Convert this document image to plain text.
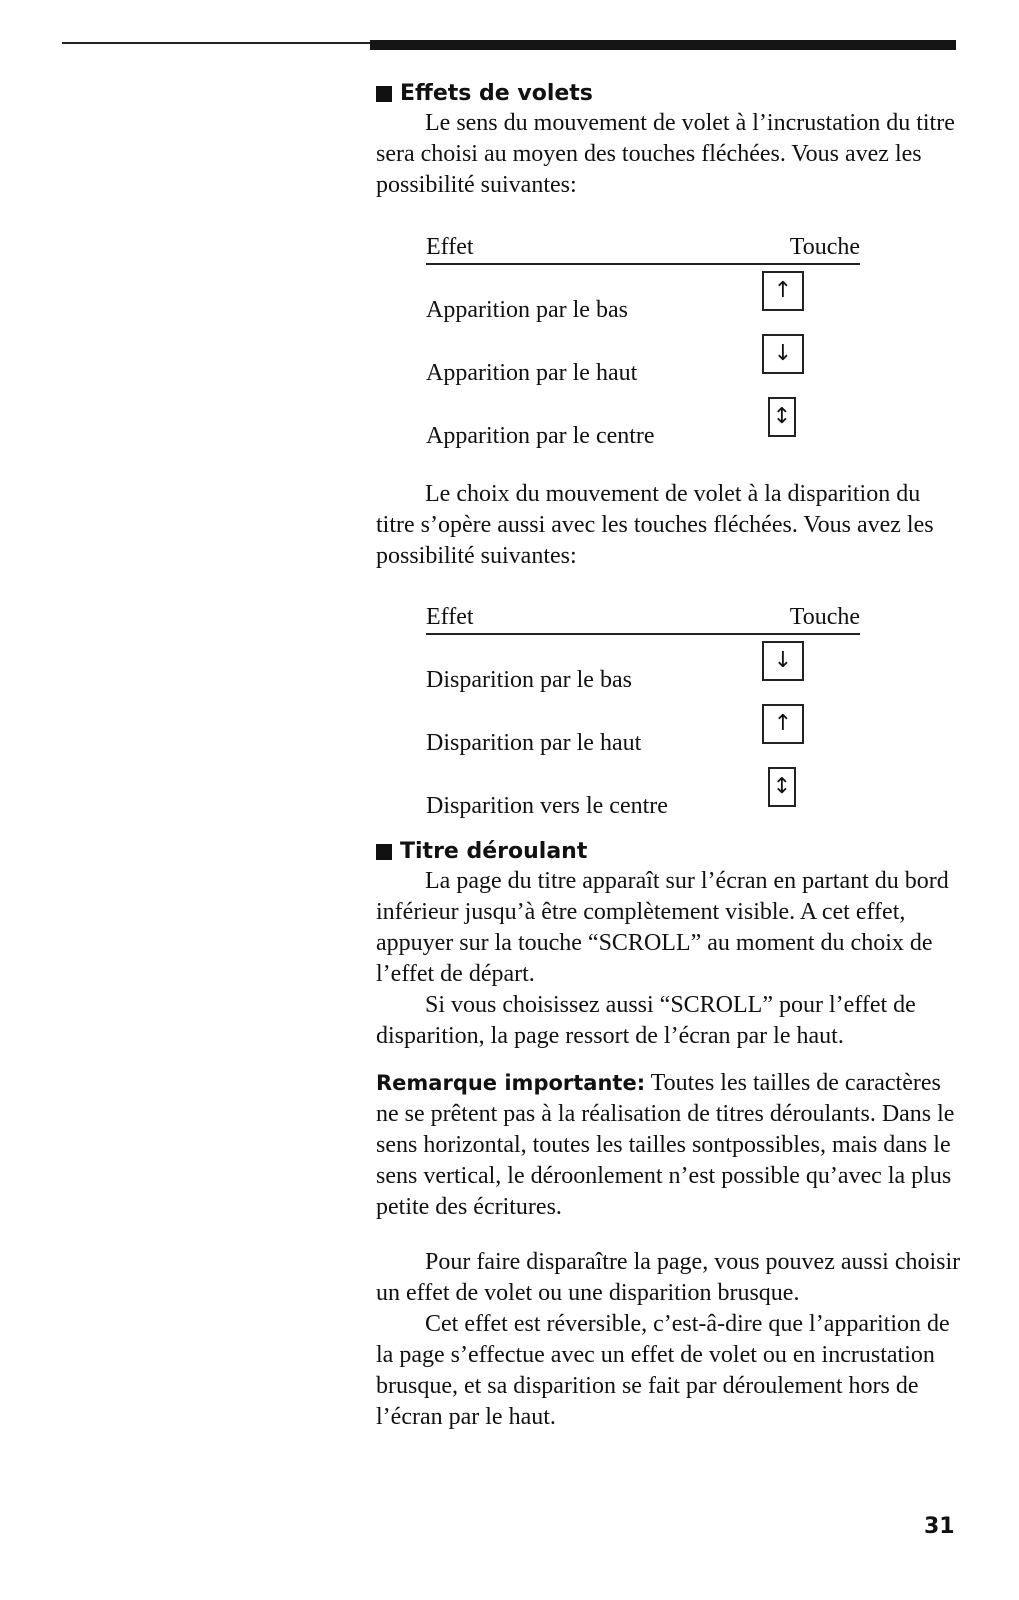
Effets de volets

Le sens du mouvement de volet à l’incrustation du titre sera choisi au moyen des touches fléchées. Vous avez les possibilité suivantes:

Effet	Touche
Apparition par le bas
↑
Apparition par le haut
↓
Apparition par le centre
↕

Le choix du mouvement de volet à la disparition du titre s’opère aussi avec les touches fléchées. Vous avez les possibilité suivantes:

Effet	Touche
Disparition par le bas
↓
Disparition par le haut
↑
Disparition vers le centre
↕
Titre déroulant

La page du titre apparaît sur l’écran en partant du bord inférieur jusqu’à être complètement visible. A cet effet, appuyer sur la touche “SCROLL” au moment du choix de l’effet de départ.

Si vous choisissez aussi “SCROLL” pour l’effet de disparition, la page ressort de l’écran par le haut.

Remarque importante: Toutes les tailles de caractères ne se prêtent pas à la réalisation de titres déroulants. Dans le sens horizontal, toutes les tailles sontpossibles, mais dans le sens vertical, le déroonlement n’est possible qu’avec la plus petite des écritures.

Pour faire disparaître la page, vous pouvez aussi choisir un effet de volet ou une disparition brusque.

Cet effet est réversible, c’est-â-dire que l’apparition de la page s’effectue avec un effet de volet ou en incrustation brusque, et sa disparition se fait par déroulement hors de l’écran par le haut.

31
